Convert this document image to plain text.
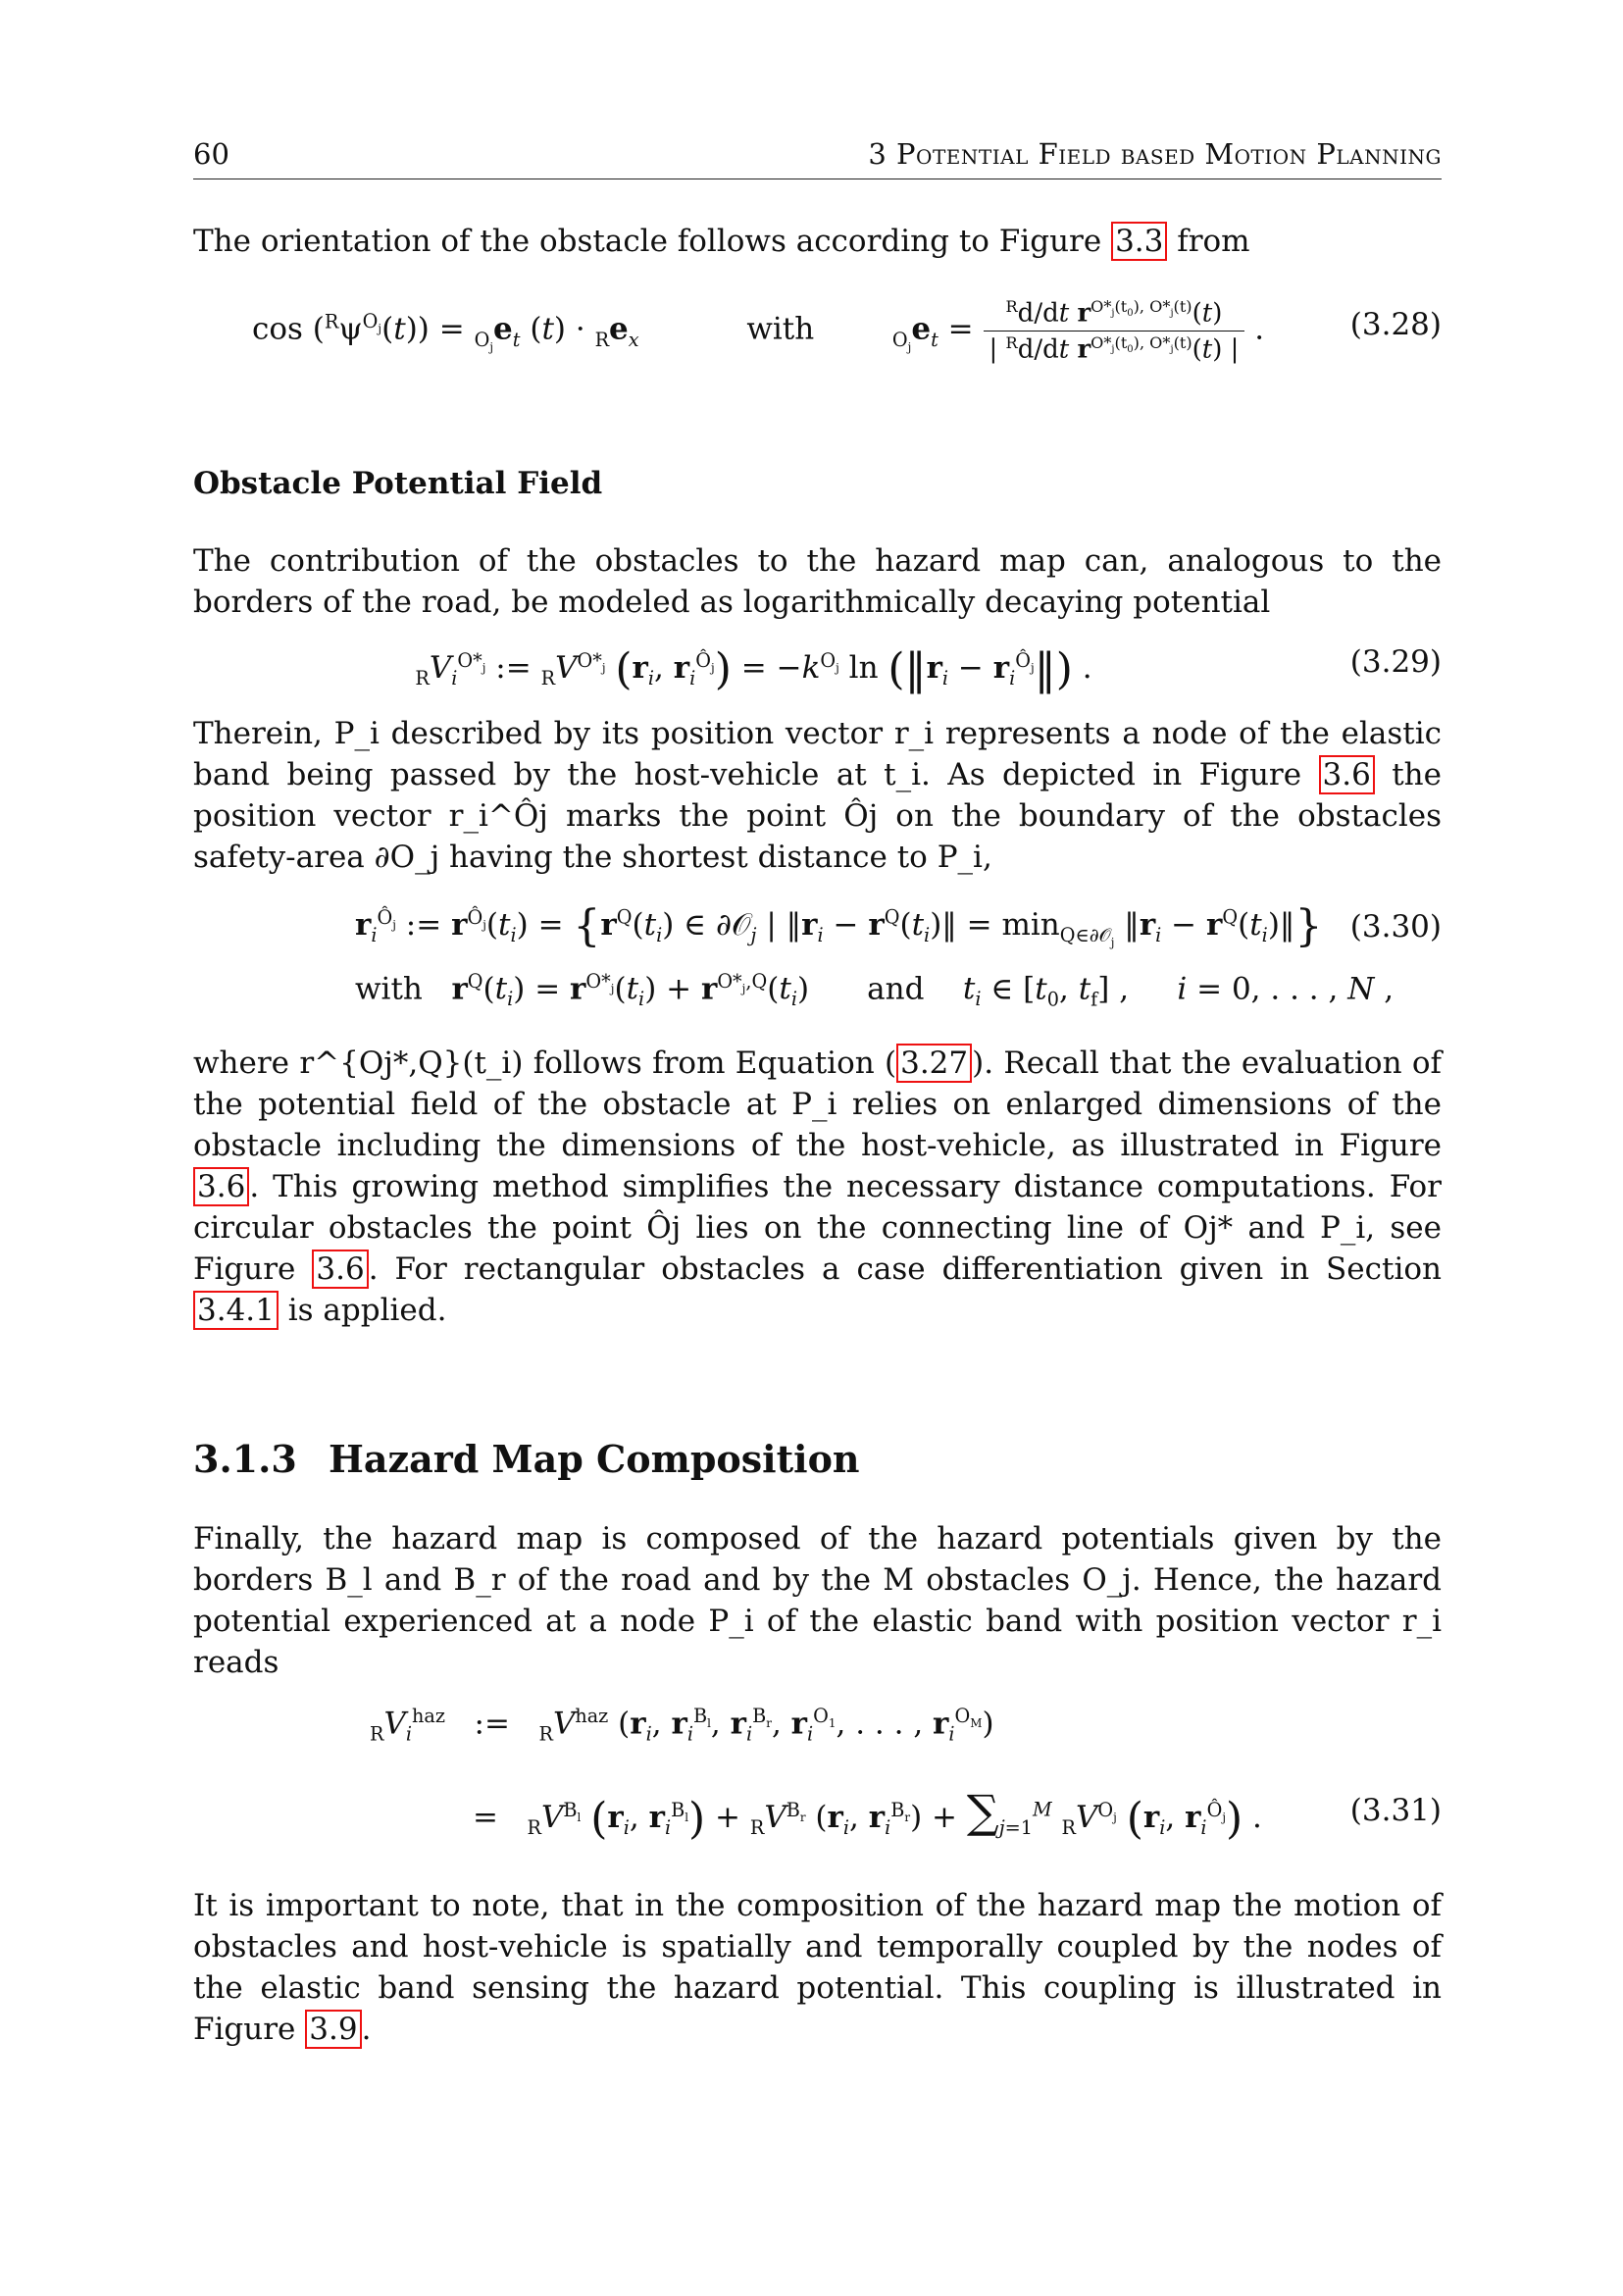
60	3 Potential Field based Motion Planning

The orientation of the obstacle follows according to Figure 3.3 from

$\cos (^R\psi^{O_j}(t)) = _{O_j}e_t$ $(t) \cdot _Re_x$	with	$_{O_j}e_t = \frac{^Rd/dt r^{O*_j(t_0), O*_j(t)}(t)}{| ^Rd/dt r^{O*_j(t_0), O*_j(t)}(t) |}$ .	(3.28)
Obstacle Potential Field

The contribution of the obstacles to the hazard map can, analogous to the borders of the road, be modeled as logarithmically decaying potential

$_RV_i^{O*_j}$ := $_RV^{O*_j}$ ($r_i$, $r_i^{Ô_j}) = -k^{O_j}$ $\ln (‖r_i$ − $r_i^{Ô_j}‖$) .	(3.29)

Therein, P_i described by its position vector r_i represents a node of the elastic band being passed by the host-vehicle at t_i. As depicted in Figure 3.6 the position vector r_i^Ôj marks the point Ôj on the boundary of the obstacles safety-area ∂O_j having the shortest distance to P_i,

$r_i^{Ô_j}$ := $r^{Ô_j}(t_i) = \{r^Q(t_i)$ ∈ ∂𝒪$_j$ | $‖r_i$ − $r^Q(t_i)‖ = \min_{Q\in\partial 𝒪_j}$ $‖r_i$ − $r^Q(t_i)‖$}
with   $r^Q(t_i) = r^{O*_j}(t_i) + r^{O*_j,Q}(t_i)$      and    $t_i$ ∈ [$t_0$, $t_f$] ,     i = 0, . . . , N ,
(3.30)

where r^{Oj*,Q}(t_i) follows from Equation ( 3.27 ). Recall that the evaluation of the potential field of the obstacle at P_i relies on enlarged dimensions of the obstacle including the dimensions of the host-vehicle, as illustrated in Figure 3.6 . This growing method simplifies the necessary distance computations. For circular obstacles the point Ôj lies on the connecting line of Oj* and P_i, see Figure 3.6 . For rectangular obstacles a case differentiation given in Section 3.4.1 is applied.

3.1.3 Hazard Map Composition

Finally, the hazard map is composed of the hazard potentials given by the borders B_l and B_r of the road and by the M obstacles O_j. Hence, the hazard potential experienced at a node P_i of the elastic band with position vector r_i reads

$_RV_i^{haz}$   :=   $_RV^{haz}$ ($r_i$, $r_i^{B_l}$, $r_i^{B_r}$, $r_i^{O_1}$, . . . , $r_i^{O_M}$)
=   $_RV^{B_l}$ ($r_i$, $r_i^{B_l}) + _RV^{B_r}$ ($r_i$, $r_i^{B_r}) + \sum_{j=1}^M$ $_RV^{O_j}$ ($r_i$, $r_i^{Ô_j}$) .	(3.31)

It is important to note, that in the composition of the hazard map the motion of obstacles and host-vehicle is spatially and temporally coupled by the nodes of the elastic band sensing the hazard potential. This coupling is illustrated in Figure 3.9 .
